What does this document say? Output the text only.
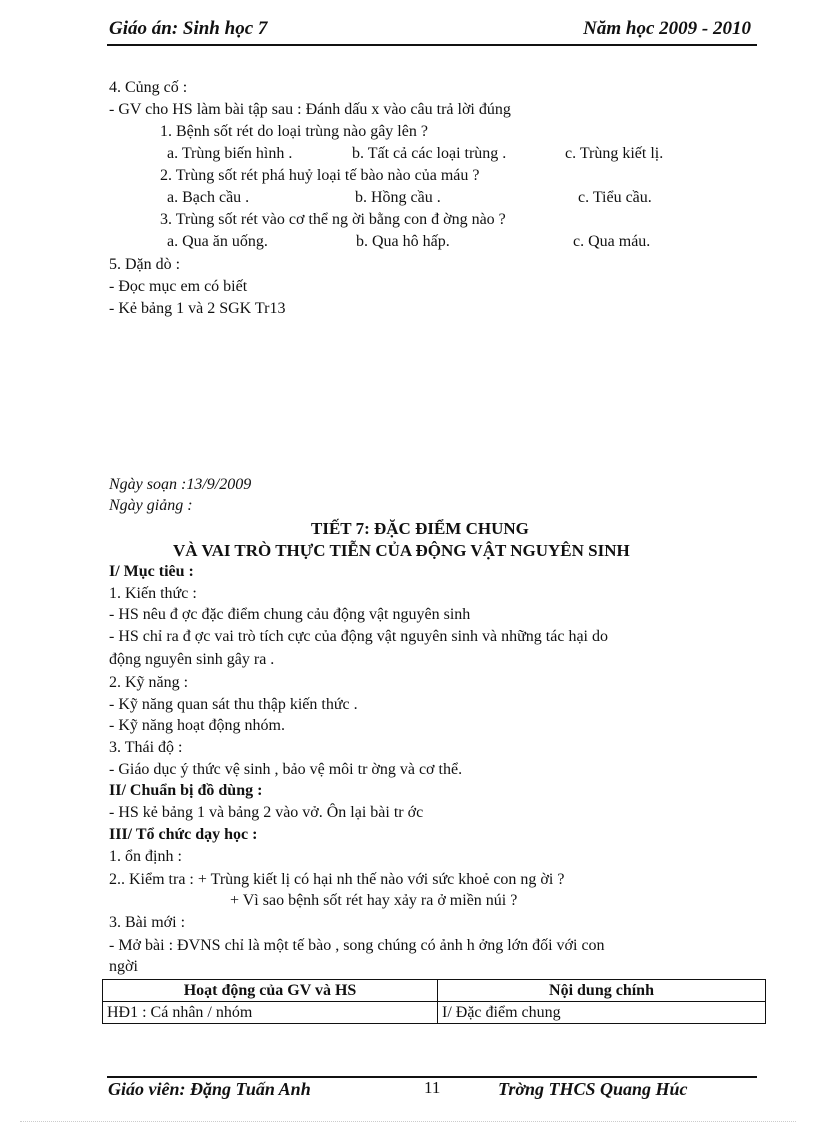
Giáo án: Sinh học 7	Năm học 2009 - 2010
4. Củng cố :
- GV cho HS làm bài tập sau : Đánh dấu x vào câu trả lời đúng
1. Bệnh sốt rét do loại trùng nào gây lên ?
a. Trùng biến hình .	b. Tất cả các loại trùng .	c. Trùng kiết lị.
2. Trùng sốt rét phá huỷ loại tế bào nào của máu ?
a. Bạch cầu .	b. Hồng cầu .	c. Tiểu cầu.
3. Trùng sốt rét vào cơ thể ng ời bằng con đ ờng nào ?
a. Qua ăn uống.	b. Qua hô hấp.	c. Qua máu.
5. Dặn dò :
- Đọc mục em có biết
- Kẻ bảng 1 và 2 SGK Tr13
Ngày soạn :13/9/2009
Ngày giảng :
TIẾT 7: ĐẶC ĐIỂM CHUNG
VÀ VAI TRÒ THỰC TIỄN CỦA ĐỘNG VẬT NGUYÊN SINH
I/ Mục tiêu :
1. Kiến thức :
- HS nêu đ ợc đặc điểm chung cảu động vật nguyên sinh
- HS chỉ ra đ ợc vai trò tích cực của động vật nguyên sinh và những tác hại do
động nguyên sinh gây ra .
2. Kỹ năng :
- Kỹ năng quan sát thu thập kiến thức .
- Kỹ năng hoạt động nhóm.
3. Thái độ :
- Giáo dục ý thức vệ sinh , bảo vệ môi tr ờng và cơ thể.
II/ Chuẩn bị đồ dùng :
- HS kẻ bảng 1 và bảng 2 vào vở. Ôn lại bài tr ớc
III/ Tổ chức dạy học :
1. ổn định :
2.. Kiểm tra : + Trùng kiết lị có hại nh thế nào với sức khoẻ con ng ời ?
+ Vì sao bệnh sốt rét hay xảy ra ở miền núi ?
3. Bài mới :
- Mở bài : ĐVNS chỉ là một tế bào , song chúng có ảnh h ởng lớn đối với con
ngời
Hoạt động của GV và HS	Nội dung chính
HĐ1 : Cá nhân / nhóm	I/ Đặc điểm chung
Giáo viên: Đặng Tuấn Anh	11	Trờng THCS Quang Húc
